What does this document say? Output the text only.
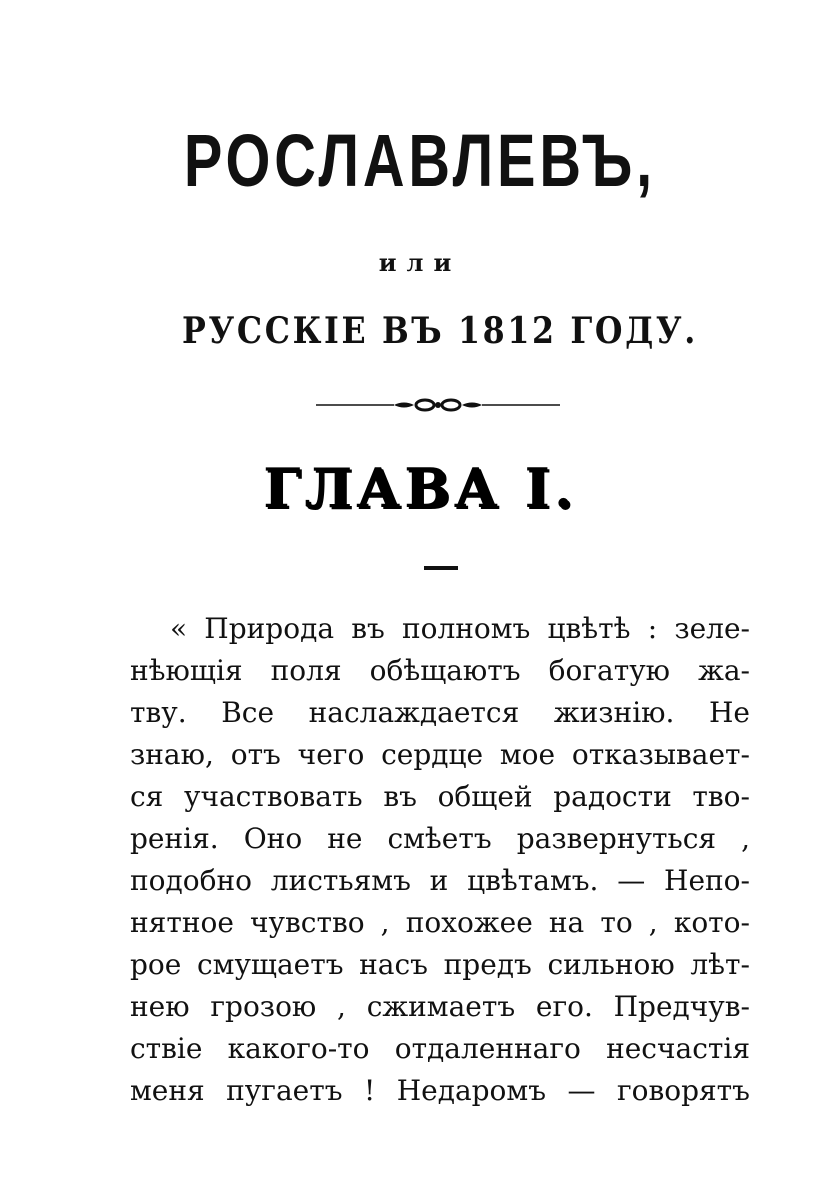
РОСЛАВЛЕВЪ,
или
РУССКІЕ ВЪ 1812 ГОДУ.
ГЛАВА I.
« Природа въ полномъ цвѣтѣ : зеле-
нѣющія поля обѣщаютъ богатую жа-
тву. Все наслаждается жизнію. Не
знаю, отъ чего сердце мое отказывает-
ся участвовать въ общей радости тво-
ренія. Оно не смѣетъ развернуться ,
подобно листьямъ и цвѣтамъ. — Непо-
нятное чувство , похожее на то , кото-
рое смущаетъ насъ предъ сильною лѣт-
нею грозою , сжимаетъ его. Предчув-
ствіе какого-то отдаленнаго несчастія
меня пугаетъ ! Недаромъ — говорятъ
